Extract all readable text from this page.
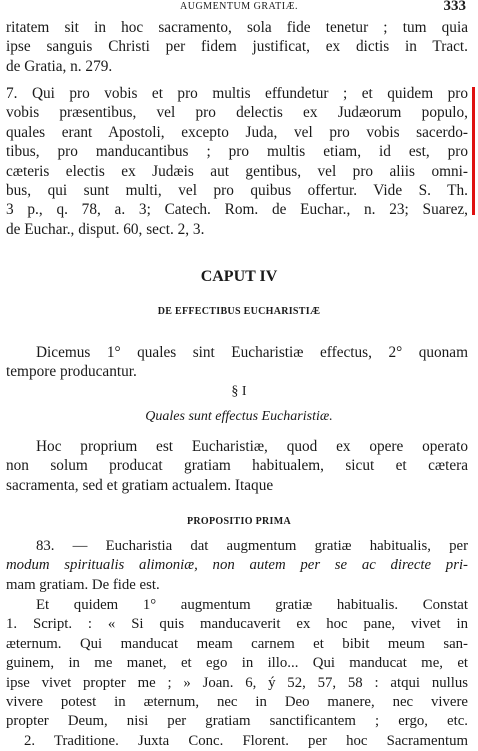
AUGMENTUM GRATIÆ.	333
ritatem sit in hoc sacramento, sola fide tenetur ; tum quia
ipse sanguis Christi per fidem justificat, ex dictis in Tract.
de Gratia, n. 279.
7. Qui pro vobis et pro multis effundetur ; et quidem pro
vobis præsentibus, vel pro delectis ex Judæorum populo,
quales erant Apostoli, excepto Juda, vel pro vobis sacerdo-
tibus, pro manducantibus ; pro multis etiam, id est, pro
cæteris electis ex Judæis aut gentibus, vel pro aliis omni-
bus, qui sunt multi, vel pro quibus offertur. Vide S. Th.
3 p., q. 78, a. 3; Catech. Rom. de Euchar., n. 23; Suarez,
de Euchar., disput. 60, sect. 2, 3.
CAPUT IV
DE EFFECTIBUS EUCHARISTIÆ
Dicemus 1° quales sint Eucharistiæ effectus, 2° quonam
tempore producantur.
§ I
Quales sunt effectus Eucharistiæ.
Hoc proprium est Eucharistiæ, quod ex opere operato
non solum producat gratiam habitualem, sicut et cætera
sacramenta, sed et gratiam actualem. Itaque
PROPOSITIO PRIMA
83. — Eucharistia dat augmentum gratiæ habitualis, per
modum spiritualis alimoniæ, non autem per se ac directe pri-
mam gratiam. De fide est.
Et quidem 1° augmentum gratiæ habitualis. Constat
1. Script. : « Si quis manducaverit ex hoc pane, vivet in
æternum. Qui manducat meam carnem et bibit meum san-
guinem, in me manet, et ego in illo... Qui manducat me, et
ipse vivet propter me ; » Joan. 6, ý 52, 57, 58 : atqui nullus
vivere potest in æternum, nec in Deo manere, nec vivere
propter Deum, nisi per gratiam sanctificantem ; ergo, etc.
2. Traditione. Juxta Conc. Florent. per hoc Sacramentum
